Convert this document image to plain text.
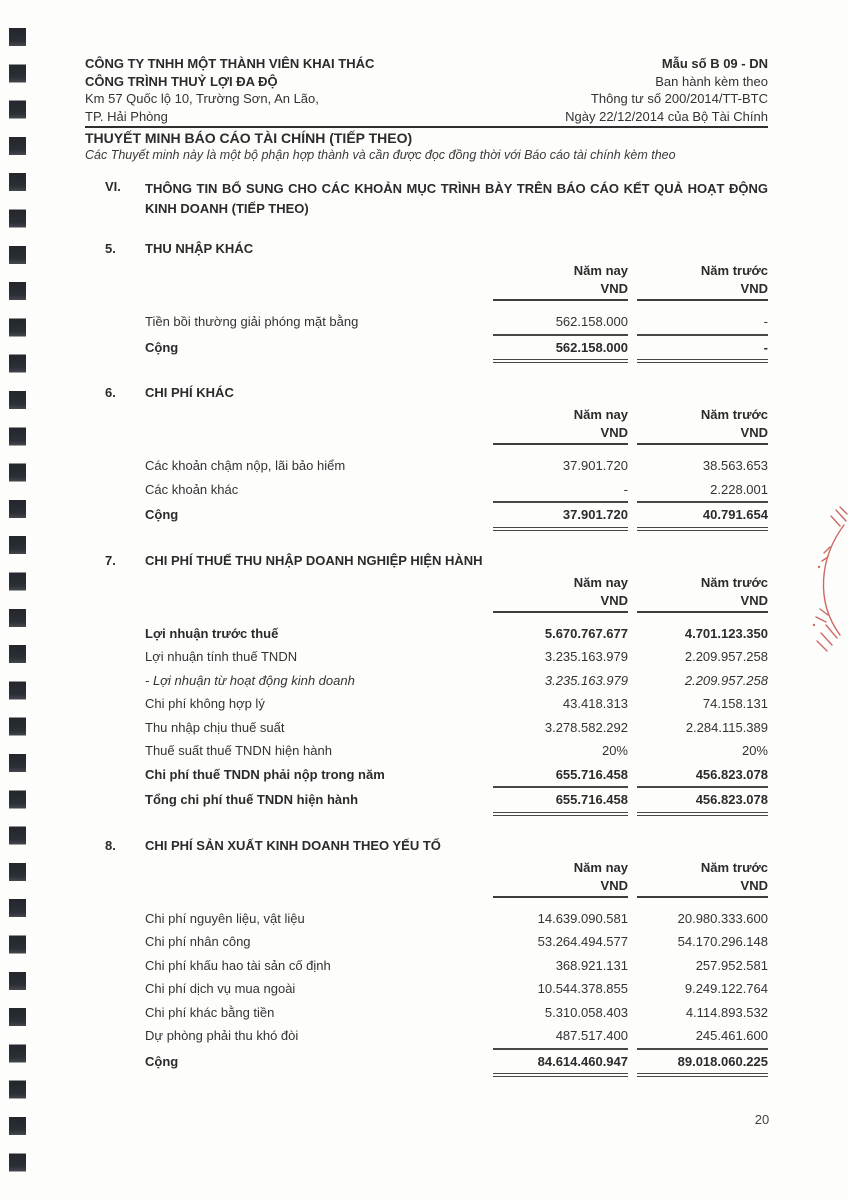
CÔNG TY TNHH MỘT THÀNH VIÊN KHAI THÁC
CÔNG TRÌNH THUỶ LỢI ĐA ĐỘ
Km 57 Quốc lộ 10, Trường Sơn, An Lão,
TP. Hải Phòng
Mẫu số B 09 - DN
Ban hành kèm theo
Thông tư số 200/2014/TT-BTC
Ngày 22/12/2014 của Bộ Tài Chính
THUYẾT MINH BÁO CÁO TÀI CHÍNH (TIẾP THEO)
Các Thuyết minh này là một bộ phận hợp thành và cần được đọc đồng thời với Báo cáo tài chính kèm theo
VI.	THÔNG TIN BỔ SUNG CHO CÁC KHOẢN MỤC TRÌNH BÀY TRÊN BÁO CÁO KẾT QUẢ HOẠT ĐỘNG KINH DOANH (TIẾP THEO)
5.	THU NHẬP KHÁC
Năm nay	Năm trước
VND	VND
Tiền bồi thường giải phóng mặt bằng	562.158.000	-
Cộng	562.158.000	-
6.	CHI PHÍ KHÁC
Năm nay	Năm trước
VND	VND
Các khoản chậm nộp, lãi bảo hiểm	37.901.720	38.563.653
Các khoản khác	-	2.228.001
Cộng	37.901.720	40.791.654
7.	CHI PHÍ THUẾ THU NHẬP DOANH NGHIỆP HIỆN HÀNH
Năm nay	Năm trước
VND	VND
Lợi nhuận trước thuế	5.670.767.677	4.701.123.350
Lợi nhuận tính thuế TNDN	3.235.163.979	2.209.957.258
- Lợi nhuận từ hoạt động kinh doanh	3.235.163.979	2.209.957.258
Chi phí không hợp lý	43.418.313	74.158.131
Thu nhập chịu thuế suất	3.278.582.292	2.284.115.389
Thuế suất thuế TNDN hiện hành	20%	20%
Chi phí thuế TNDN phải nộp trong năm	655.716.458	456.823.078
Tổng chi phí thuế TNDN hiện hành	655.716.458	456.823.078
8.	CHI PHÍ SẢN XUẤT KINH DOANH THEO YẾU TỐ
Năm nay	Năm trước
VND	VND
Chi phí nguyên liệu, vật liệu	14.639.090.581	20.980.333.600
Chi phí nhân công	53.264.494.577	54.170.296.148
Chi phí khấu hao tài sản cố định	368.921.131	257.952.581
Chi phí dịch vụ mua ngoài	10.544.378.855	9.249.122.764
Chi phí khác bằng tiền	5.310.058.403	4.114.893.532
Dự phòng phải thu khó đòi	487.517.400	245.461.600
Cộng	84.614.460.947	89.018.060.225
20
